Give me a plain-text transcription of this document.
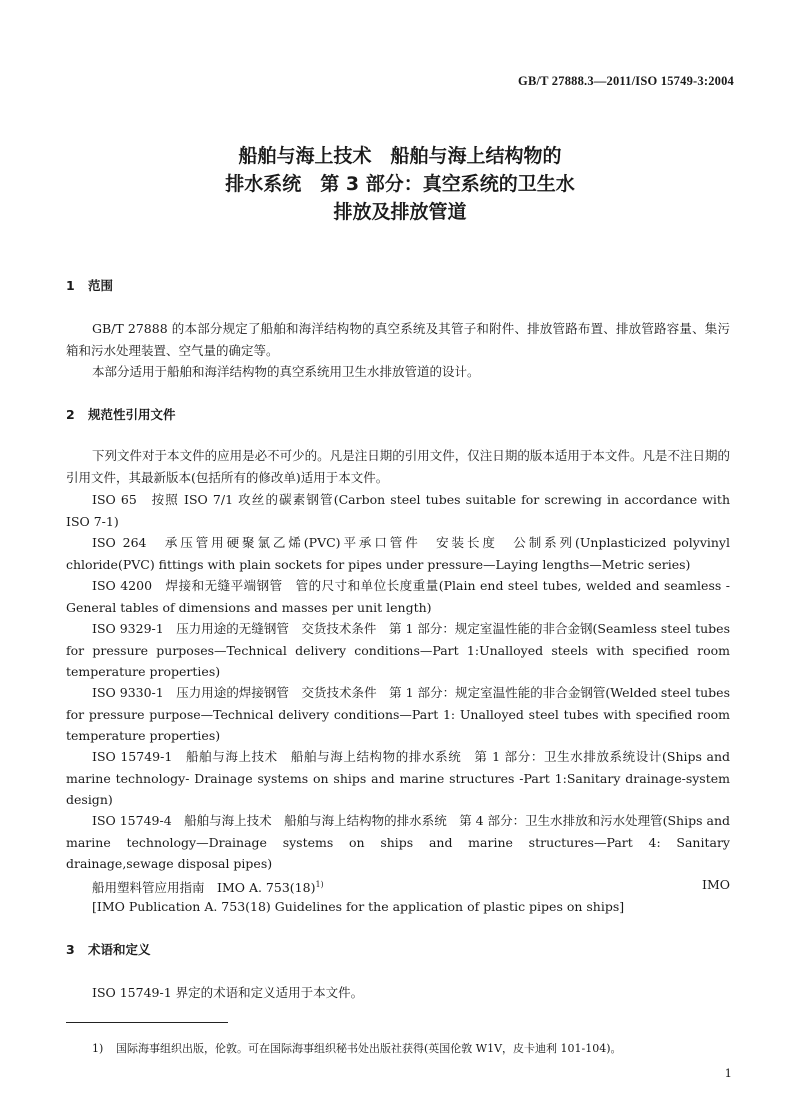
GB/T 27888.3—2011/ISO 15749-3:2004
船舶与海上技术　船舶与海上结构物的
排水系统　第 3 部分：真空系统的卫生水
排放及排放管道
1 范围
GB/T 27888 的本部分规定了船舶和海洋结构物的真空系统及其管子和附件、排放管路布置、排放管路容量、集污箱和污水处理装置、空气量的确定等。
本部分适用于船舶和海洋结构物的真空系统用卫生水排放管道的设计。
2 规范性引用文件
下列文件对于本文件的应用是必不可少的。凡是注日期的引用文件，仅注日期的版本适用于本文件。凡是不注日期的引用文件，其最新版本(包括所有的修改单)适用于本文件。
ISO 65　按照 ISO 7/1 攻丝的碳素钢管(Carbon steel tubes suitable for screwing in accordance with ISO 7-1)
ISO 264　承压管用硬聚氯乙烯(PVC)平承口管件　安装长度　公制系列(Unplasticized polyvinyl chloride(PVC) fittings with plain sockets for pipes under pressure—Laying lengths—Metric series)
ISO 4200　焊接和无缝平端钢管　管的尺寸和单位长度重量(Plain end steel tubes, welded and seamless -General tables of dimensions and masses per unit length)
ISO 9329-1　压力用途的无缝钢管　交货技术条件　第 1 部分：规定室温性能的非合金钢(Seamless steel tubes for pressure purposes—Technical delivery conditions—Part 1:Unalloyed steels with specified room temperature properties)
ISO 9330-1　压力用途的焊接钢管　交货技术条件　第 1 部分：规定室温性能的非合金钢管(Welded steel tubes for pressure purpose—Technical delivery conditions—Part 1: Unalloyed steel tubes with specified room temperature properties)
ISO 15749-1　船舶与海上技术　船舶与海上结构物的排水系统　第 1 部分：卫生水排放系统设计(Ships and marine technology- Drainage systems on ships and marine structures -Part 1:Sanitary drainage-system design)
ISO 15749-4　船舶与海上技术　船舶与海上结构物的排水系统　第 4 部分：卫生水排放和污水处理管(Ships and marine technology—Drainage systems on ships and marine structures—Part 4: Sanitary drainage,sewage disposal pipes)
船用塑料管应用指南　IMO A. $753(18)^{1)}$	IMO
[IMO Publication A. 753(18) Guidelines for the application of plastic pipes on ships]
3 术语和定义
ISO 15749-1 界定的术语和定义适用于本文件。
1) 国际海事组织出版，伦敦。可在国际海事组织秘书处出版社获得(英国伦敦 W1V，皮卡迪利 101-104)。
1
